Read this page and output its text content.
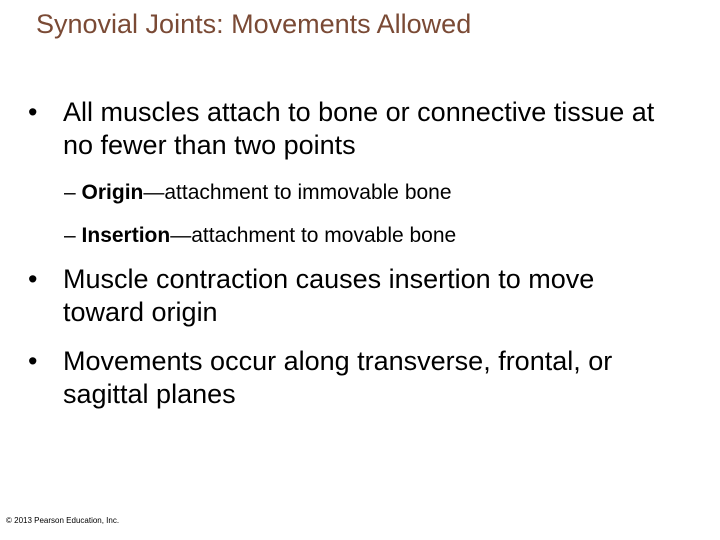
Synovial Joints: Movements Allowed
• All muscles attach to bone or connective tissue at no fewer than two points
– Origin—attachment to immovable bone
– Insertion—attachment to movable bone
• Muscle contraction causes insertion to move toward origin
• Movements occur along transverse, frontal, or sagittal planes
© 2013 Pearson Education, Inc.
